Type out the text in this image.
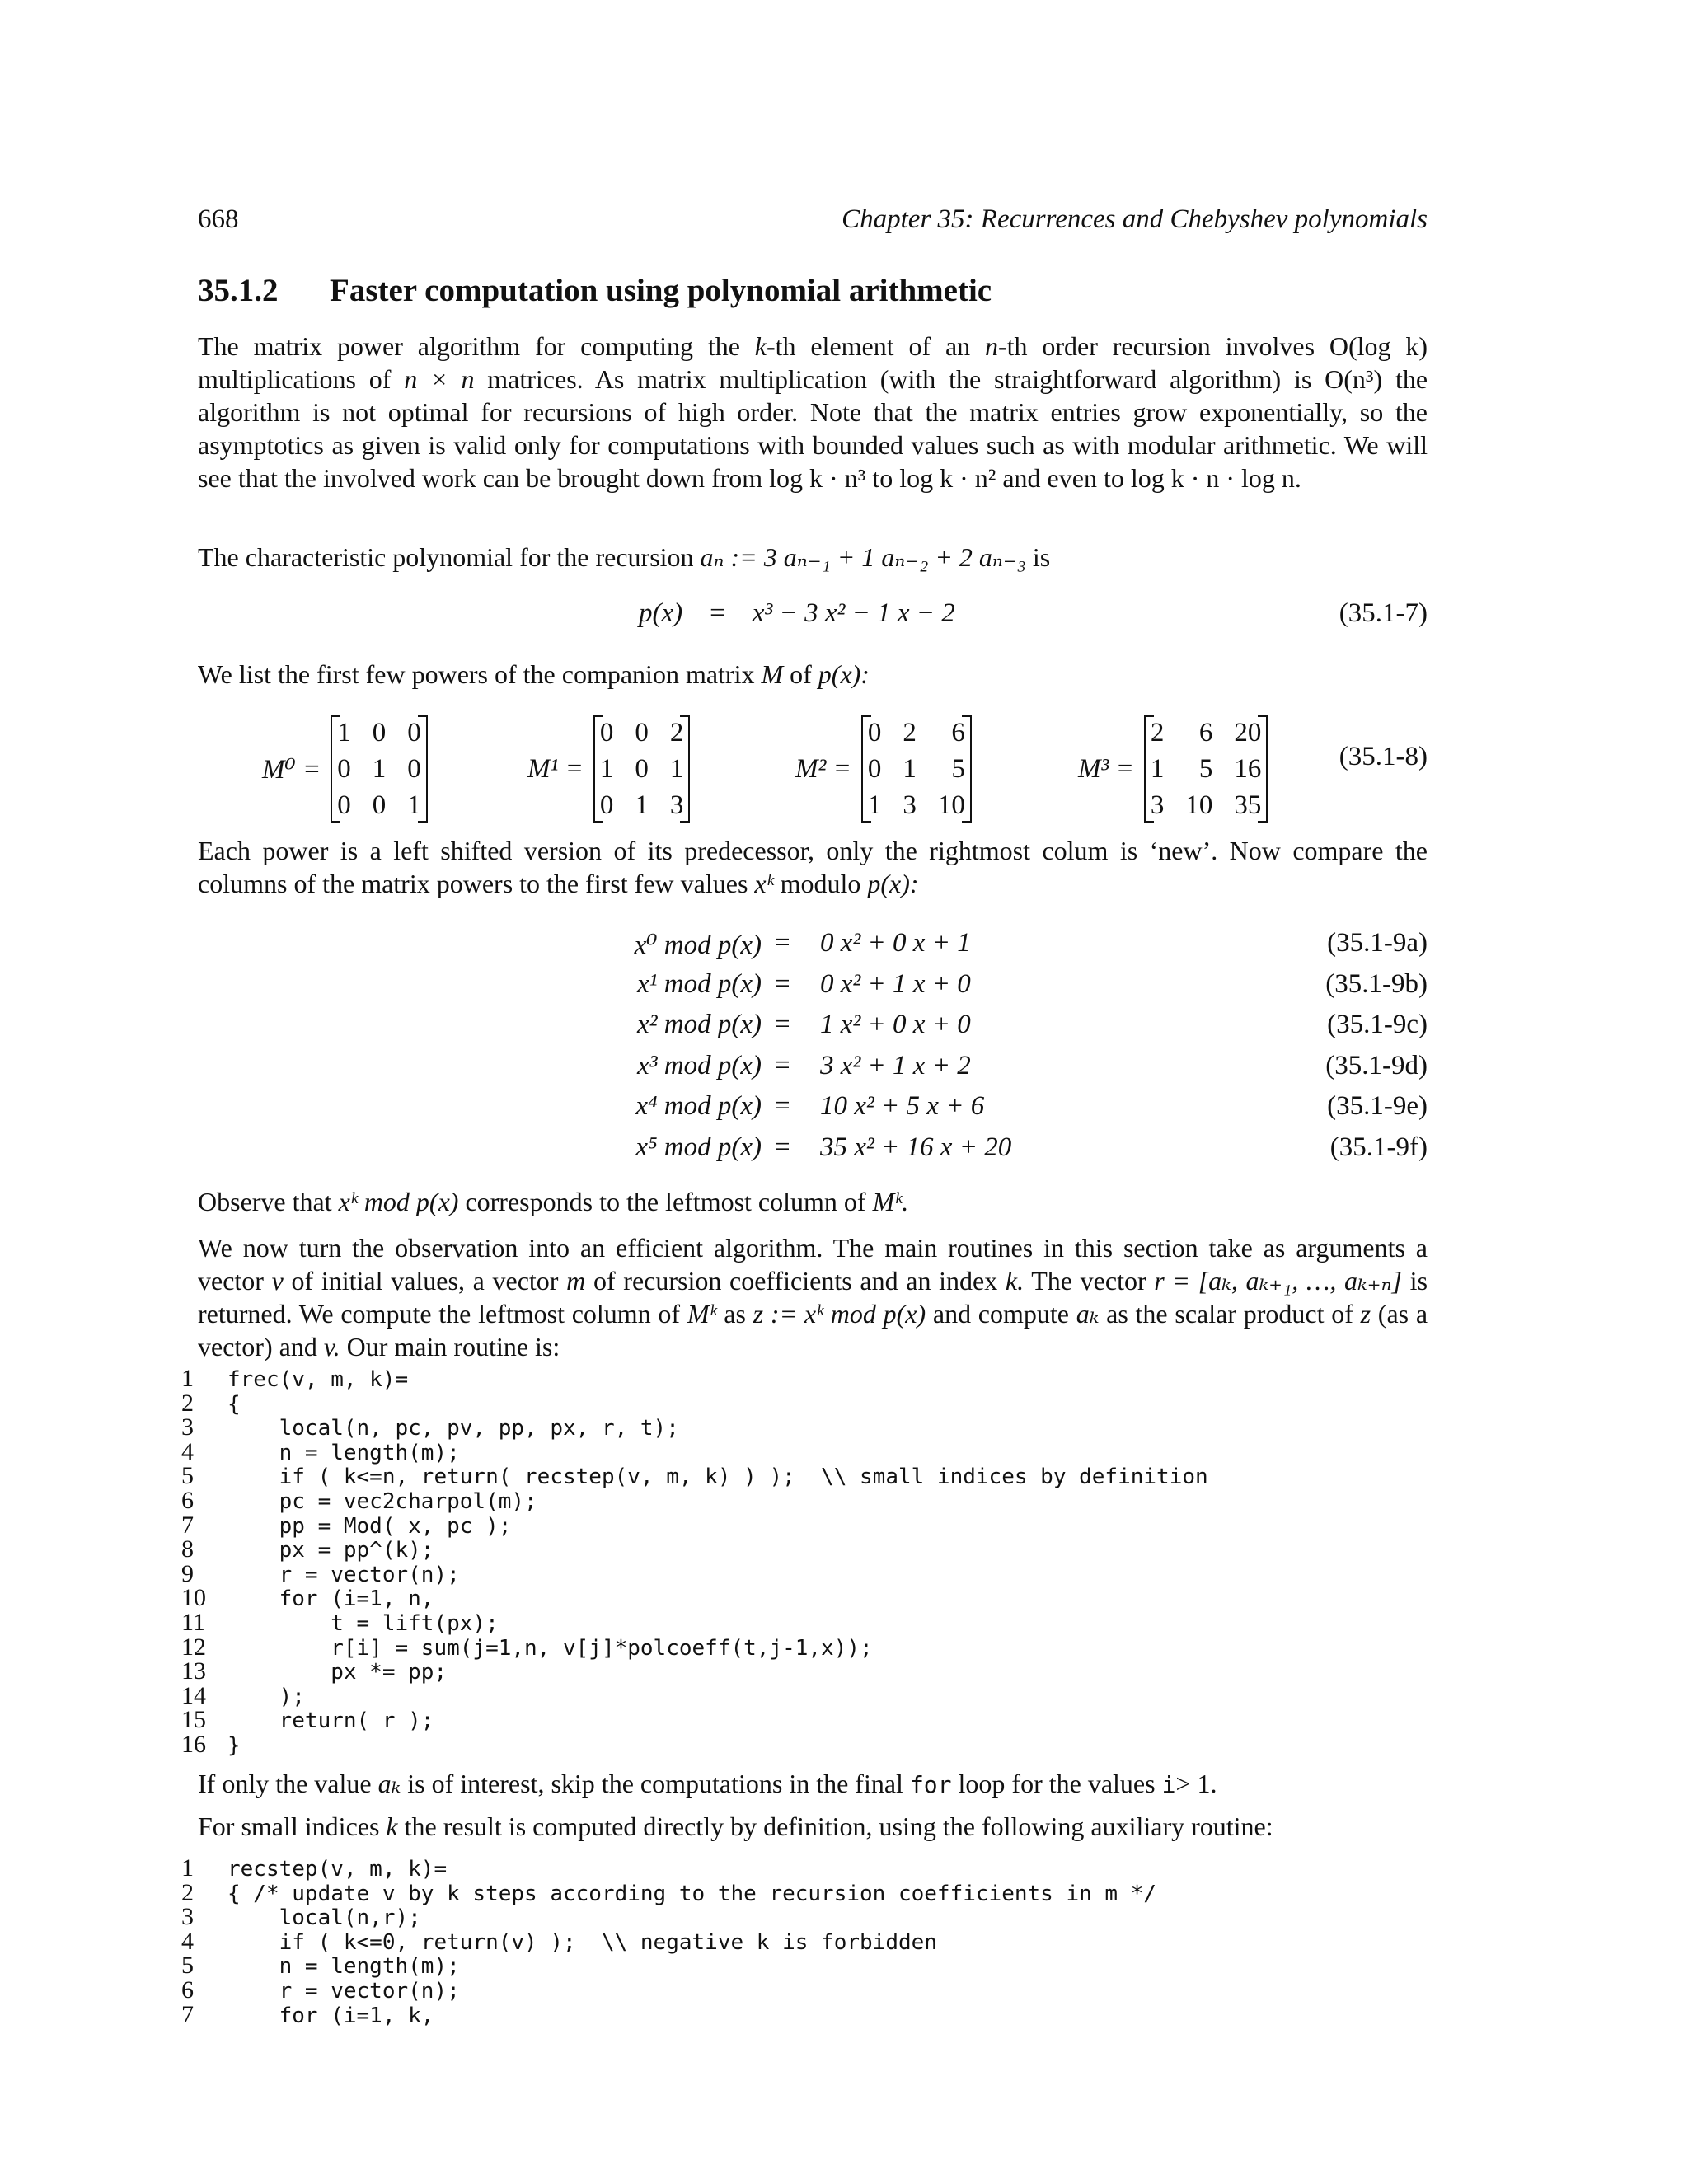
668	Chapter 35: Recurrences and Chebyshev polynomials
35.1.2 Faster computation using polynomial arithmetic

The matrix power algorithm for computing the k-th element of an n-th order recursion involves O(log k) multiplications of n × n matrices. As matrix multiplication (with the straightforward algorithm) is O(n³) the algorithm is not optimal for recursions of high order. Note that the matrix entries grow exponentially, so the asymptotics as given is valid only for computations with bounded values such as with modular arithmetic. We will see that the involved work can be brought down from log k · n³ to log k · n² and even to log k · n · log n.

The characteristic polynomial for the recursion aₙ := 3 aₙ₋₁ + 1 aₙ₋₂ + 2 aₙ₋₃ is

p(x) = x³ − 3 x² − 1 x − 2	(35.1-7)

We list the first few powers of the companion matrix M of p(x):

M⁰ =
1 0 0
0 1 0
0 0 1
M¹ =
0 0 2
1 0 1
0 1 3
M² =
0 2	6
0 1	5
1 3 10
M³ =
2	6 20
1	5 16
3 10 35
(35.1-8)

Each power is a left shifted version of its predecessor, only the rightmost colum is ‘new’. Now compare the columns of the matrix powers to the first few values xᵏ modulo p(x):

x⁰ mod p(x) = 0 x² + 0 x + 1	(35.1-9a)
x¹ mod p(x) = 0 x² + 1 x + 0	(35.1-9b)
x² mod p(x) = 1 x² + 0 x + 0	(35.1-9c)
x³ mod p(x) = 3 x² + 1 x + 2	(35.1-9d)
x⁴ mod p(x) = 10 x² + 5 x + 6	(35.1-9e)
x⁵ mod p(x) = 35 x² + 16 x + 20	(35.1-9f)

Observe that xᵏ mod p(x) corresponds to the leftmost column of Mᵏ.

We now turn the observation into an efficient algorithm. The main routines in this section take as arguments a vector v of initial values, a vector m of recursion coefficients and an index k. The vector r = [aₖ, aₖ₊₁, …, aₖ₊ₙ] is returned. We compute the leftmost column of Mᵏ as z := xᵏ mod p(x) and compute aₖ as the scalar product of z (as a vector) and v. Our main routine is:

1 frec(v, m, k)=
2 {
3    local(n, pc, pv, pp, px, r, t);
4    n = length(m);
5    if ( k<=n, return( recstep(v, m, k) ) );  \\ small indices by definition
6    pc = vec2charpol(m);
7    pp = Mod( x, pc );
8    px = pp^(k);
9    r = vector(n);
10    for (i=1, n,
11        t = lift(px);
12        r[i] = sum(j=1,n, v[j]*polcoeff(t,j-1,x));
13        px *= pp;
14    );
15    return( r );
16 }

If only the value aₖ is of interest, skip the computations in the final for loop for the values i> 1.

For small indices k the result is computed directly by definition, using the following auxiliary routine:

1 recstep(v, m, k)=
2 { /* update v by k steps according to the recursion coefficients in m */
3    local(n,r);
4    if ( k<=0, return(v) );  \\ negative k is forbidden
5    n = length(m);
6    r = vector(n);
7    for (i=1, k,
